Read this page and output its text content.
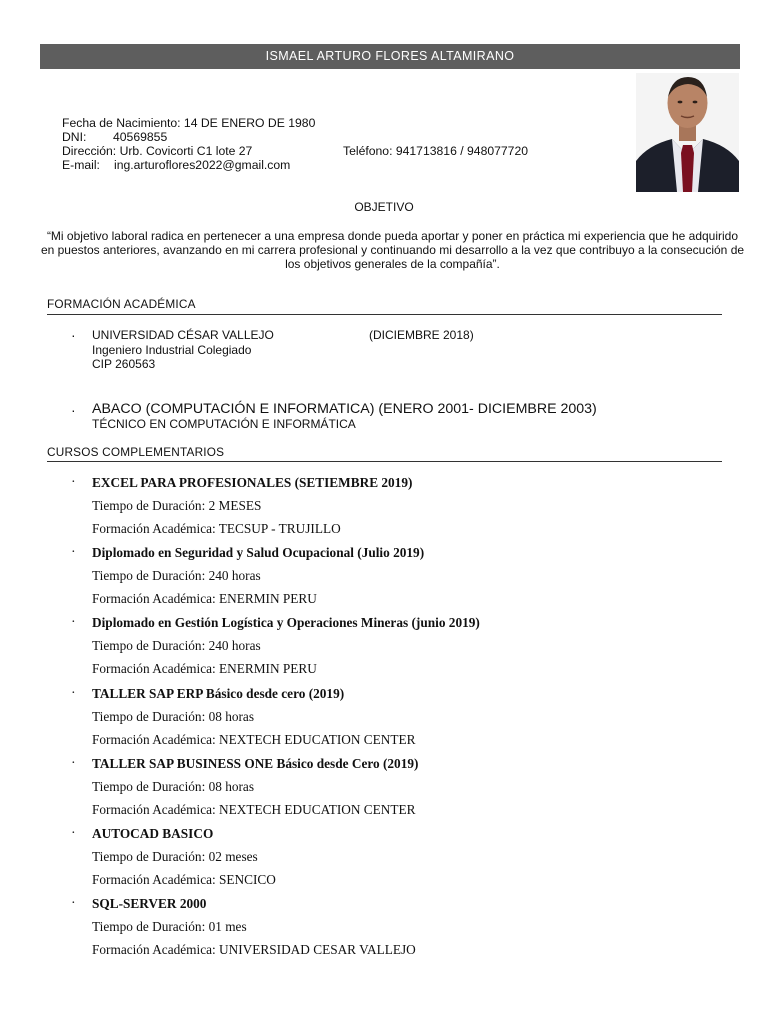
ISMAEL ARTURO FLORES ALTAMIRANO
Fecha de Nacimiento: 14 DE ENERO DE 1980
DNI: 40569855
Dirección: Urb. Covicorti C1 lote 27	Teléfono: 941713816 / 948077720
E-mail: ing.arturoflores2022@gmail.com
OBJETIVO
“Mi objetivo laboral radica en pertenecer a una empresa donde pueda aportar y poner en práctica mi experiencia que he adquirido en puestos anteriores, avanzando en mi carrera profesional y continuando mi desarrollo a la vez que contribuyo a la consecución de los objetivos generales de la compañía”.
FORMACIÓN ACADÉMICA
· UNIVERSIDAD CÉSAR VALLEJO	(DICIEMBRE 2018)
Ingeniero Industrial Colegiado
CIP 260563
· ABACO (COMPUTACIÓN E INFORMATICA) (ENERO 2001- DICIEMBRE 2003)
TÉCNICO EN COMPUTACIÓN E INFORMÁTICA
CURSOS COMPLEMENTARIOS
· EXCEL PARA PROFESIONALES (SETIEMBRE 2019)
Tiempo de Duración: 2 MESES
Formación Académica: TECSUP - TRUJILLO
· Diplomado en Seguridad y Salud Ocupacional (Julio 2019)
Tiempo de Duración: 240 horas
Formación Académica: ENERMIN PERU
· Diplomado en Gestión Logística y Operaciones Mineras (junio 2019)
Tiempo de Duración: 240 horas
Formación Académica: ENERMIN PERU
· TALLER SAP ERP Básico desde cero (2019)
Tiempo de Duración: 08 horas
Formación Académica: NEXTECH EDUCATION CENTER
· TALLER SAP BUSINESS ONE Básico desde Cero (2019)
Tiempo de Duración: 08 horas
Formación Académica: NEXTECH EDUCATION CENTER
· AUTOCAD BASICO
Tiempo de Duración: 02 meses
Formación Académica: SENCICO
· SQL-SERVER 2000
Tiempo de Duración: 01 mes
Formación Académica: UNIVERSIDAD CESAR VALLEJO
